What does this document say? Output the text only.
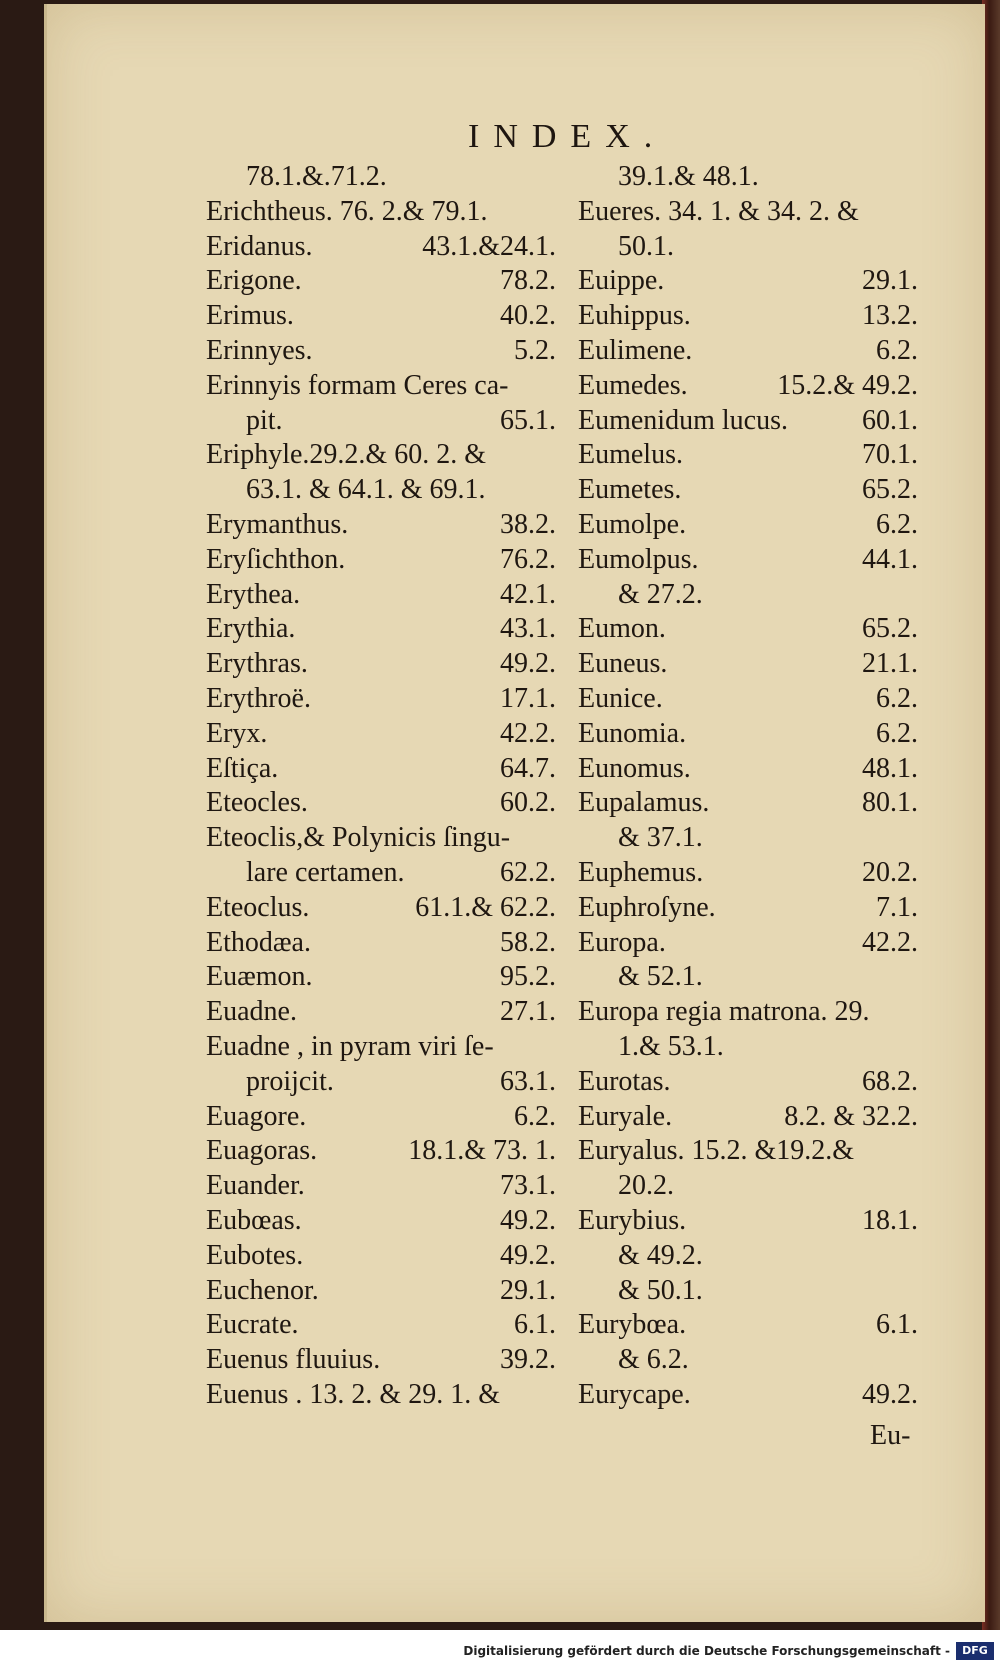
INDEX.
78.1.&.71.2.
Erichtheus. 76. 2.& 79.1.
Eridanus.	43.1.&24.1.
Erigone.	78.2.
Erimus.	40.2.
Erinnyes.	5.2.
Erinnyis formam Ceres ca-
pit.	65.1.
Eriphyle.29.2.& 60. 2. &
63.1. & 64.1. & 69.1.
Erymanthus.	38.2.
Eryſichthon.	76.2.
Erythea.	42.1.
Erythia.	43.1.
Erythras.	49.2.
Erythroë.	17.1.
Eryx.	42.2.
Eſtiça.	64.7.
Eteocles.	60.2.
Eteoclis,& Polynicis ſingu-
lare certamen.	62.2.
Eteoclus.	61.1.& 62.2.
Ethodæa.	58.2.
Euæmon.	95.2.
Euadne.	27.1.
Euadne , in pyram viri ſe-
proijcit.	63.1.
Euagore.	6.2.
Euagoras.	18.1.& 73. 1.
Euander.	73.1.
Eubœas.	49.2.
Eubotes.	49.2.
Euchenor.	29.1.
Eucrate.	6.1.
Euenus fluuius.	39.2.
Euenus . 13. 2. & 29. 1. &
39.1.& 48.1.
Eueres. 34. 1. & 34. 2. &
50.1.
Euippe.	29.1.
Euhippus.	13.2.
Eulimene.	6.2.
Eumedes.	15.2.& 49.2.
Eumenidum lucus.	60.1.
Eumelus.	70.1.
Eumetes.	65.2.
Eumolpe.	6.2.
Eumolpus.	44.1.
& 27.2.
Eumon.	65.2.
Euneus.	21.1.
Eunice.	6.2.
Eunomia.	6.2.
Eunomus.	48.1.
Eupalamus.	80.1.
& 37.1.
Euphemus.	20.2.
Euphroſyne.	7.1.
Europa.	42.2.
& 52.1.
Europa regia matrona. 29.
1.& 53.1.
Eurotas.	68.2.
Euryale.	8.2. & 32.2.
Euryalus. 15.2. &19.2.&
20.2.
Eurybius.	18.1.
& 49.2.
& 50.1.
Eurybœa.	6.1.
& 6.2.
Eurycape.	49.2.
Eu-
Digitalisierung gefördert durch die Deutsche Forschungsgemeinschaft -	DFG
